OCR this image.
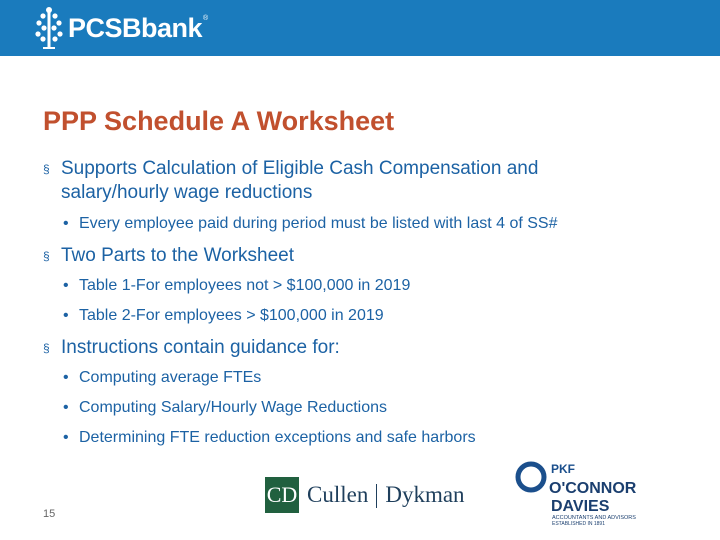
PCSBbank ®
PPP Schedule A Worksheet
§ Supports Calculation of Eligible Cash Compensation and salary/hourly wage reductions
• Every employee paid during period must be listed with last 4 of SS#
§ Two Parts to the Worksheet
• Table 1-For employees not > $100,000 in 2019
• Table 2-For employees > $100,000 in 2019
§ Instructions contain guidance for:
• Computing average FTEs
• Computing Salary/Hourly Wage Reductions
• Determining FTE reduction exceptions and safe harbors
15
CD Cullen Dykman
PKF
O'CONNOR
DAVIES
ACCOUNTANTS AND ADVISORS
ESTABLISHED IN 1891
